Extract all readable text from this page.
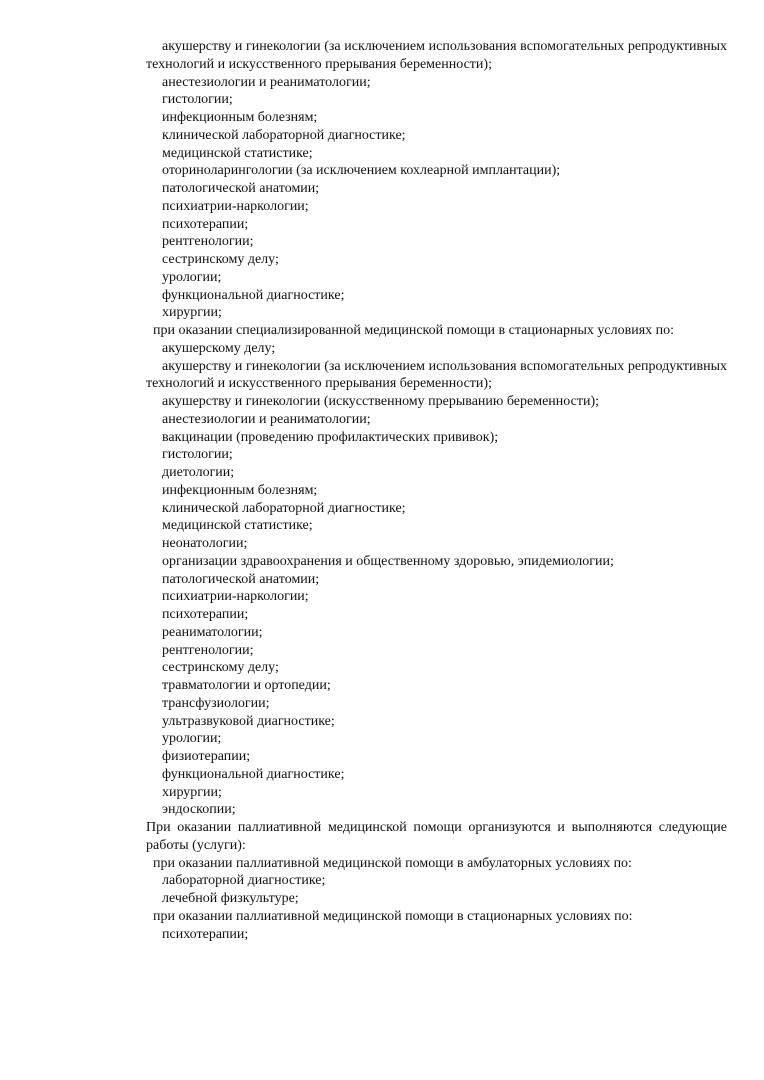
акушерству и гинекологии (за исключением использования вспомогательных репродуктивных технологий и искусственного прерывания беременности);

анестезиологии и реаниматологии;

гистологии;

инфекционным болезням;

клинической лабораторной диагностике;

медицинской статистике;

оториноларингологии (за исключением кохлеарной имплантации);

патологической анатомии;

психиатрии-наркологии;

психотерапии;

рентгенологии;

сестринскому делу;

урологии;

функциональной диагностике;

хирургии;

при оказании специализированной медицинской помощи в стационарных условиях по:

акушерскому делу;

акушерству и гинекологии (за исключением использования вспомогательных репродуктивных технологий и искусственного прерывания беременности);

акушерству и гинекологии (искусственному прерыванию беременности);

анестезиологии и реаниматологии;

вакцинации (проведению профилактических прививок);

гистологии;

диетологии;

инфекционным болезням;

клинической лабораторной диагностике;

медицинской статистике;

неонатологии;

организации здравоохранения и общественному здоровью, эпидемиологии;

патологической анатомии;

психиатрии-наркологии;

психотерапии;

реаниматологии;

рентгенологии;

сестринскому делу;

травматологии и ортопедии;

трансфузиологии;

ультразвуковой диагностике;

урологии;

физиотерапии;

функциональной диагностике;

хирургии;

эндоскопии;

При оказании паллиативной медицинской помощи организуются и выполняются следующие работы (услуги):

при оказании паллиативной медицинской помощи в амбулаторных условиях по:

лабораторной диагностике;

лечебной физкультуре;

при оказании паллиативной медицинской помощи в стационарных условиях по:

психотерапии;
